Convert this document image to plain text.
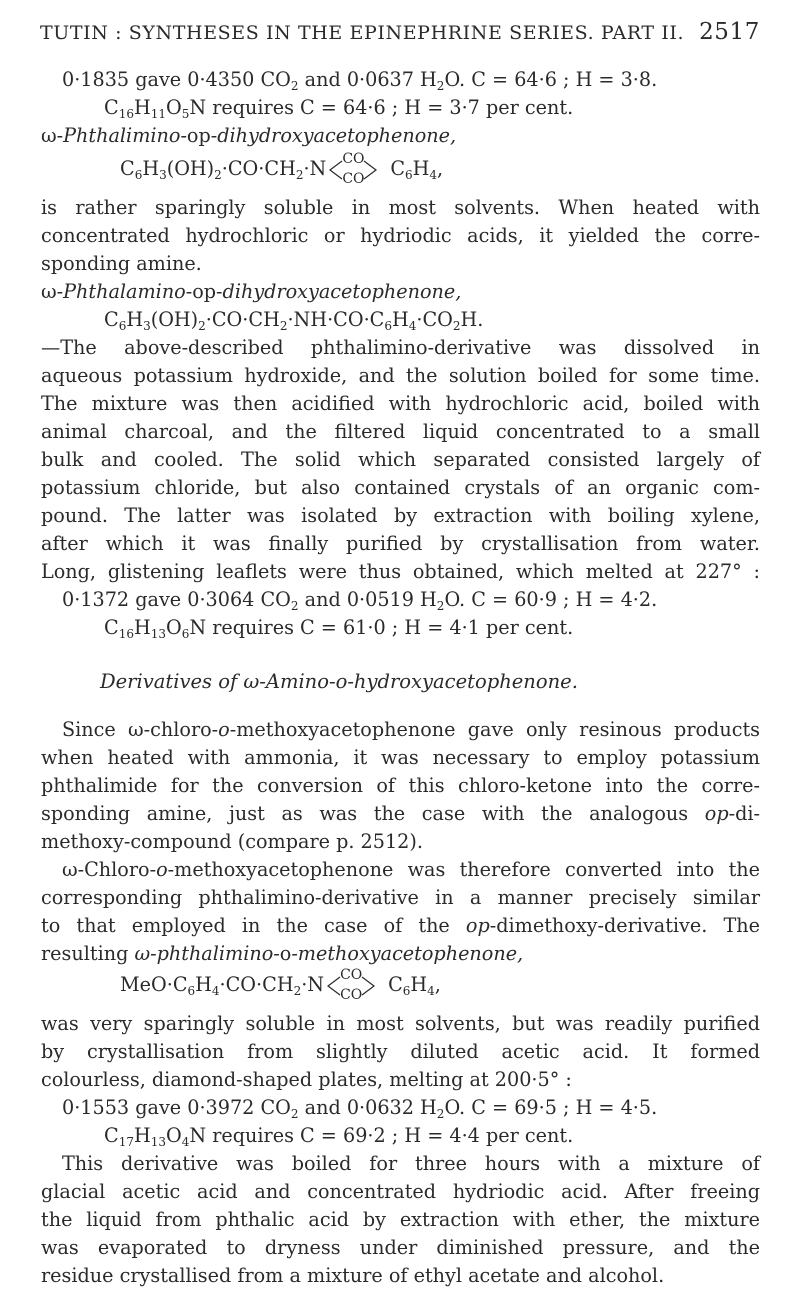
TUTIN : SYNTHESES IN THE EPINEPHRINE SERIES. PART II. 2517
0·1835 gave 0·4350 $CO_2$ and 0·0637 $H_2O$. C = 64·6 ; H = 3·8.
$C_{16}H_{11}O_5N$ requires C = 64·6 ; H = 3·7 per cent.
ω-Phthalimino-op-dihydroxyacetophenone,
$C_6H_3(OH)_2\cdot CO\cdot CH_2\cdot N$ CO
CO $C_6H_4$,
is rather sparingly soluble in most solvents. When heated with
concentrated hydrochloric or hydriodic acids, it yielded the corre-
sponding amine.
ω-Phthalamino-op-dihydroxyacetophenone,
$C_6H_3(OH)_2\cdot CO\cdot CH_2\cdot NH\cdot CO\cdot C_6H_4\cdot CO_2H$.
—The above-described phthalimino-derivative was dissolved in
aqueous potassium hydroxide, and the solution boiled for some time.
The mixture was then acidified with hydrochloric acid, boiled with
animal charcoal, and the filtered liquid concentrated to a small
bulk and cooled. The solid which separated consisted largely of
potassium chloride, but also contained crystals of an organic com-
pound. The latter was isolated by extraction with boiling xylene,
after which it was finally purified by crystallisation from water.
Long, glistening leaflets were thus obtained, which melted at 227° :
0·1372 gave 0·3064 $CO_2$ and 0·0519 $H_2O$. C = 60·9 ; H = 4·2.
$C_{16}H_{13}O_6N$ requires C = 61·0 ; H = 4·1 per cent.
Derivatives of ω-Amino-o-hydroxyacetophenone.
Since ω-chloro-o-methoxyacetophenone gave only resinous products
when heated with ammonia, it was necessary to employ potassium
phthalimide for the conversion of this chloro-ketone into the corre-
sponding amine, just as was the case with the analogous op-di-
methoxy-compound (compare p. 2512).
ω-Chloro-o-methoxyacetophenone was therefore converted into the
corresponding phthalimino-derivative in a manner precisely similar
to that employed in the case of the op-dimethoxy-derivative. The
resulting ω-phthalimino-o-methoxyacetophenone,
$MeO\cdot C_6H_4\cdot CO\cdot CH_2\cdot N$ CO
CO $C_6H_4$,
was very sparingly soluble in most solvents, but was readily purified
by crystallisation from slightly diluted acetic acid. It formed
colourless, diamond-shaped plates, melting at 200·5° :
0·1553 gave 0·3972 $CO_2$ and 0·0632 $H_2O$. C = 69·5 ; H = 4·5.
$C_{17}H_{13}O_4N$ requires C = 69·2 ; H = 4·4 per cent.
This derivative was boiled for three hours with a mixture of
glacial acetic acid and concentrated hydriodic acid. After freeing
the liquid from phthalic acid by extraction with ether, the mixture
was evaporated to dryness under diminished pressure, and the
residue crystallised from a mixture of ethyl acetate and alcohol.
